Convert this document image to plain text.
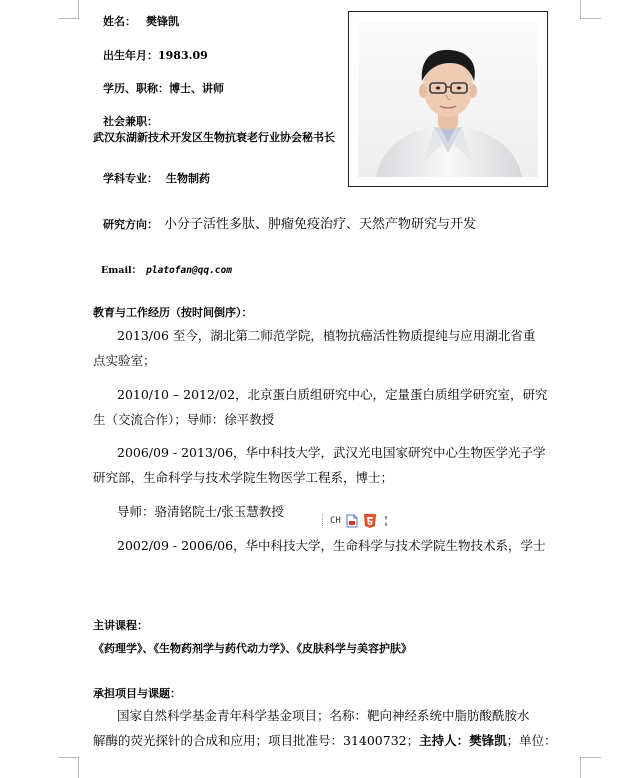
姓名： 樊锋凯
出生年月：1983.09
学历、职称：博士、讲师
社会兼职：
武汉东湖新技术开发区生物抗衰老行业协会秘书长
学科专业： 生物制药
研究方向： 小分子活性多肽、肿瘤免疫治疗、天然产物研究与开发
Email： platofan@qq.com
教育与工作经历（按时间倒序）：
2013/06 至今，湖北第二师范学院，植物抗癌活性物质提纯与应用湖北省重
点实验室；
2010/10 – 2012/02，北京蛋白质组研究中心，定量蛋白质组学研究室，研究
生（交流合作）；导师：徐平教授
2006/09 - 2013/06，华中科技大学，武汉光电国家研究中心生物医学光子学
研究部，生命科学与技术学院生物医学工程系，博士；
导师：骆清铭院士/张玉慧教授
2002/09 - 2006/06，华中科技大学，生命科学与技术学院生物技术系，学士
CH
主讲课程：
《药理学》、《生物药剂学与药代动力学》、《皮肤科学与美容护肤》
承担项目与课题：
国家自然科学基金青年科学基金项目；名称：靶向神经系统中脂肪酸酰胺水
解酶的荧光探针的合成和应用；项目批准号：31400732；主持人：樊锋凯；单位：
